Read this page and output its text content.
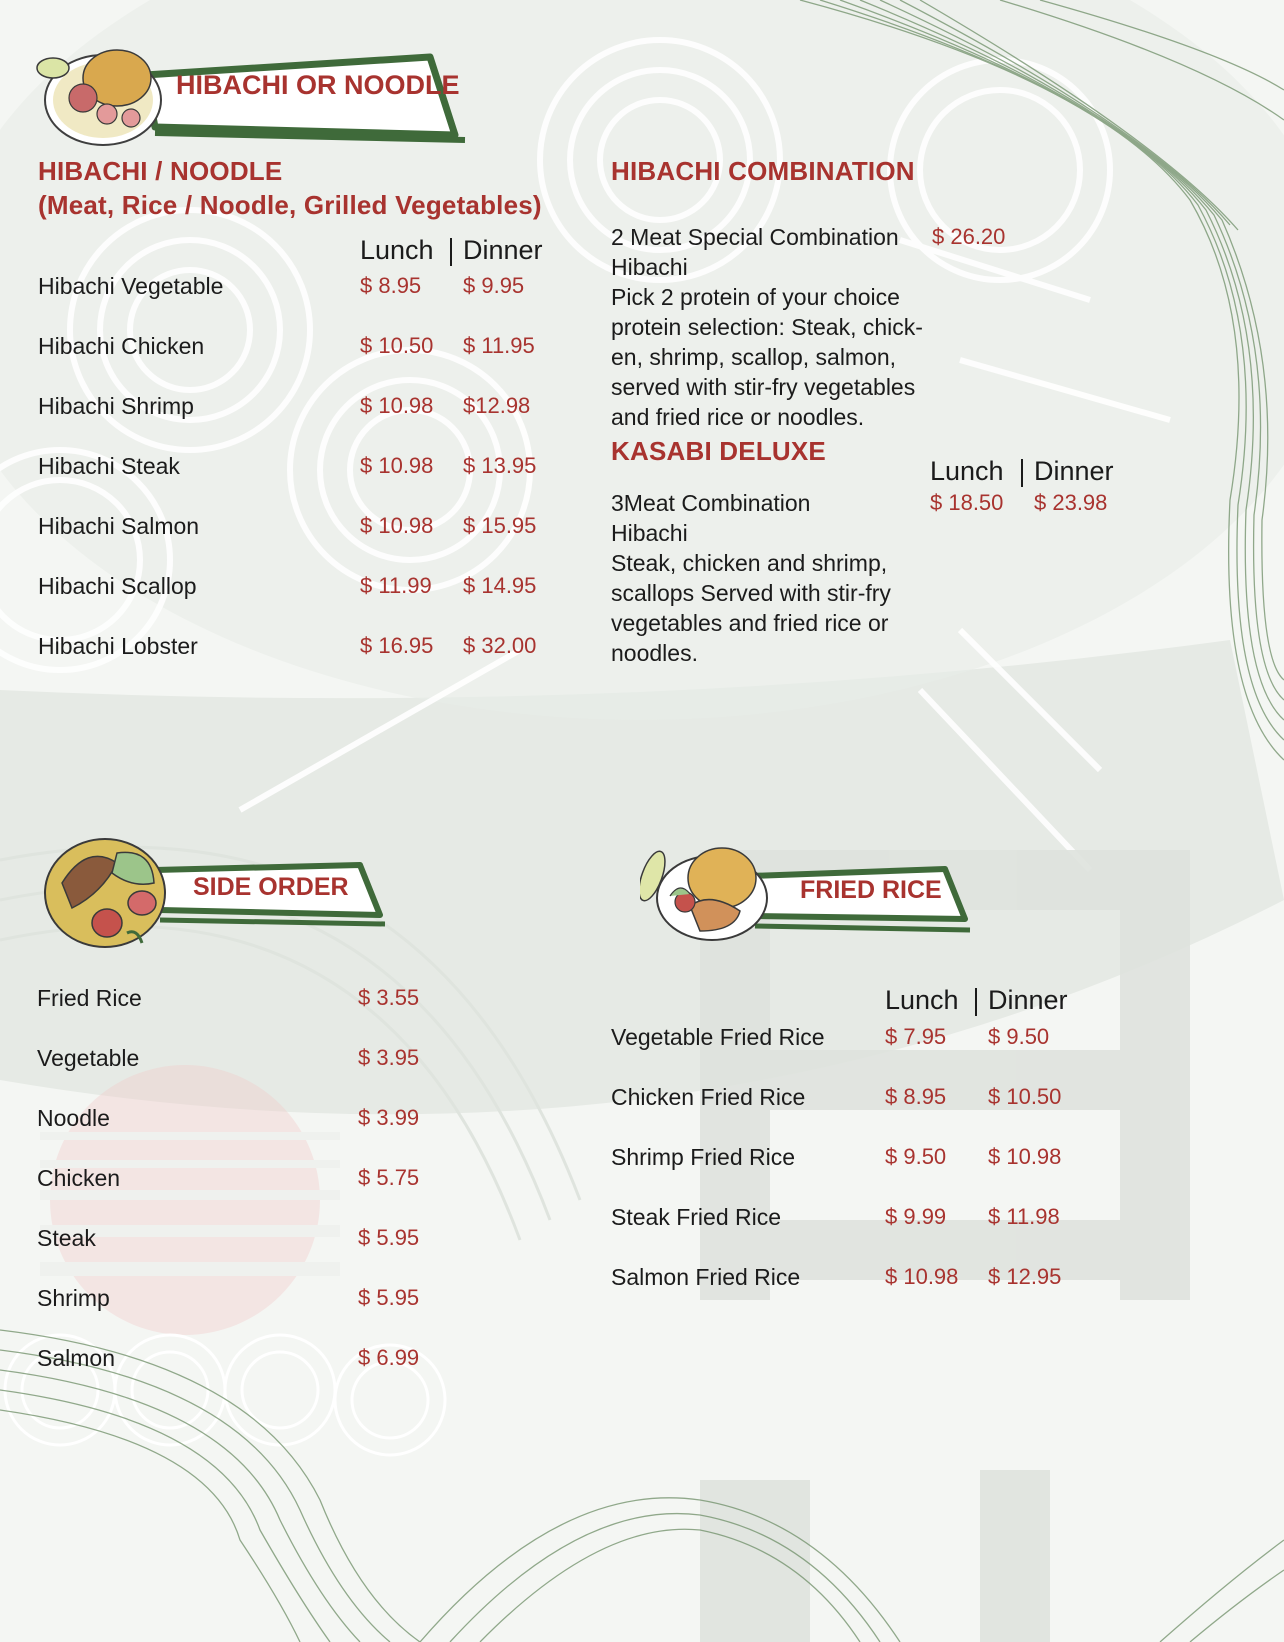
HIBACHI OR NOODLE
HIBACHI / NOODLE
(Meat, Rice / Noodle, Grilled Vegetables)
Lunch Dinner
Hibachi Vegetable	$ 8.95 $ 9.95
Hibachi Chicken	$ 10.50 $ 11.95
Hibachi Shrimp	$ 10.98 $12.98
Hibachi Steak	$ 10.98 $ 13.95
Hibachi Salmon	$ 10.98 $ 15.95
Hibachi Scallop	$ 11.99 $ 14.95
Hibachi Lobster	$ 16.95 $ 32.00
HIBACHI COMBINATION
2 Meat Special Combination $ 26.20
Hibachi
Pick 2 protein of your choice
protein selection: Steak, chick-
en, shrimp, scallop, salmon,
served with stir-fry vegetables
and fried rice or noodles.
KASABI DELUXE
Lunch Dinner
3Meat Combination	$ 18.50 $ 23.98
Hibachi
Steak, chicken and shrimp,
scallops Served with stir-fry
vegetables and fried rice or
noodles.
SIDE ORDER
Fried Rice	$ 3.55
Vegetable	$ 3.95
Noodle	$ 3.99
Chicken	$ 5.75
Steak	$ 5.95
Shrimp	$ 5.95
Salmon	$ 6.99
FRIED RICE
Lunch Dinner
Vegetable Fried Rice	$ 7.95 $ 9.50
Chicken Fried Rice	$ 8.95 $ 10.50
Shrimp Fried Rice	$ 9.50 $ 10.98
Steak Fried Rice	$ 9.99 $ 11.98
Salmon Fried Rice	$ 10.98 $ 12.95
